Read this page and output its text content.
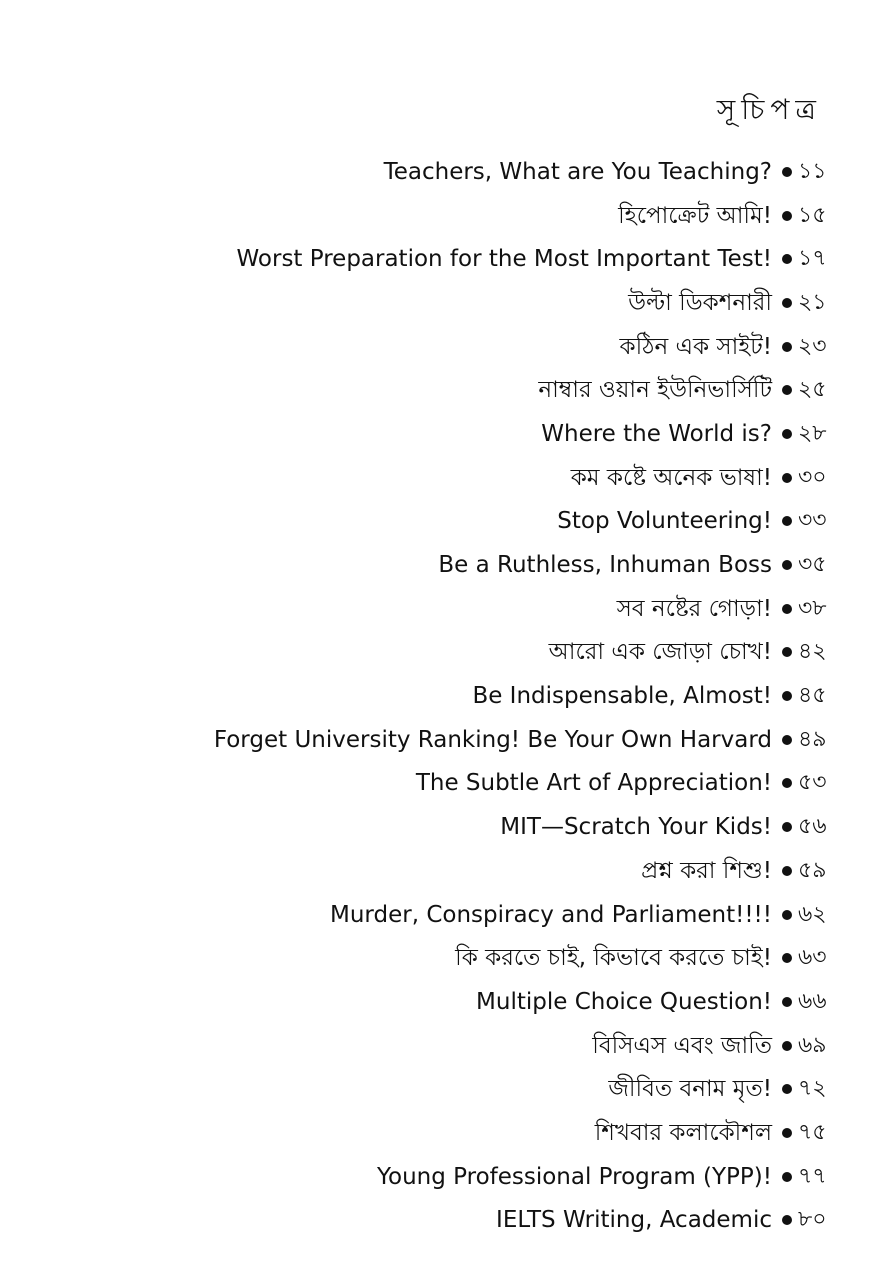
সূচিপত্র
Teachers, What are You Teaching? ১১
হিপোক্রেট আমি! ১৫
Worst Preparation for the Most Important Test! ১৭
উল্টা ডিকশনারী ২১
কঠিন এক সাইট! ২৩
নাম্বার ওয়ান ইউনিভার্সিটি ২৫
Where the World is? ২৮
কম কষ্টে অনেক ভাষা! ৩০
Stop Volunteering! ৩৩
Be a Ruthless, Inhuman Boss ৩৫
সব নষ্টের গোড়া! ৩৮
আরো এক জোড়া চোখ! ৪২
Be Indispensable, Almost! ৪৫
Forget University Ranking! Be Your Own Harvard ৪৯
The Subtle Art of Appreciation! ৫৩
MIT—Scratch Your Kids! ৫৬
প্রশ্ন করা শিশু! ৫৯
Murder, Conspiracy and Parliament!!!! ৬২
কি করতে চাই, কিভাবে করতে চাই! ৬৩
Multiple Choice Question! ৬৬
বিসিএস এবং জাতি ৬৯
জীবিত বনাম মৃত! ৭২
শিখবার কলাকৌশল ৭৫
Young Professional Program (YPP)! ৭৭
IELTS Writing, Academic ৮০
